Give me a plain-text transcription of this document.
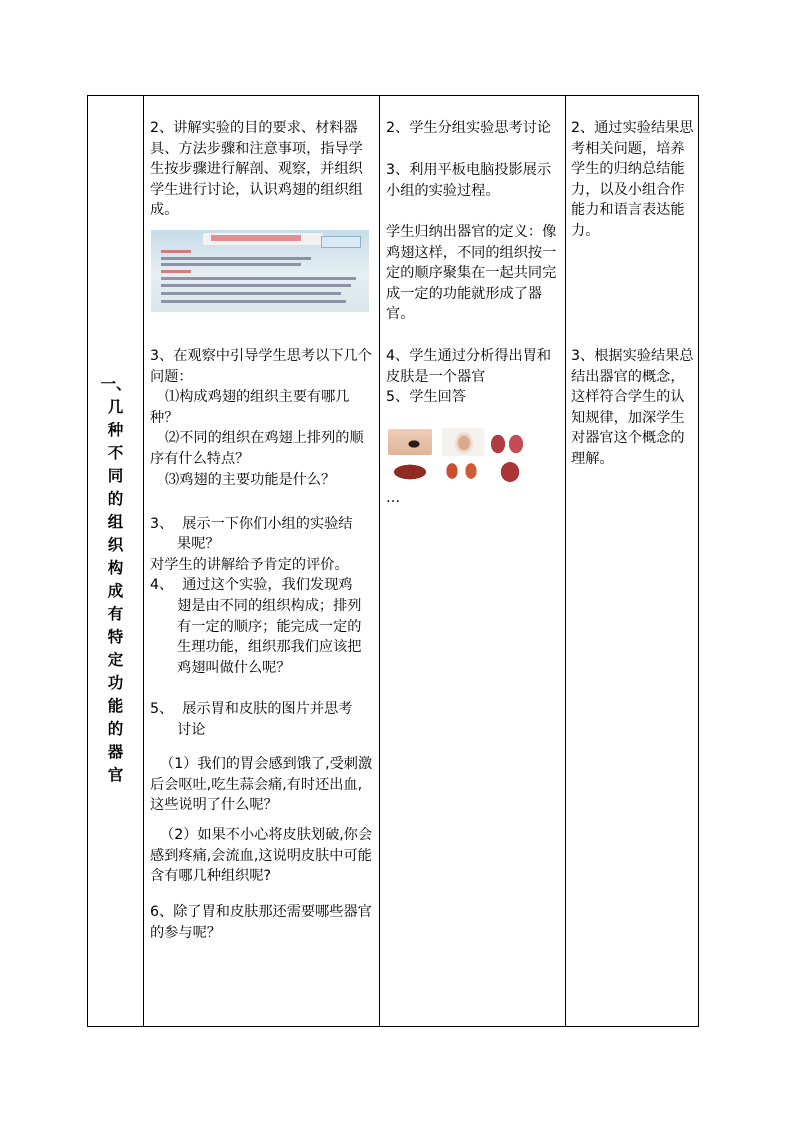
一、几种不同的组织构成有特定功能的器官
2、讲解实验的目的要求、材料器具、方法步骤和注意事项，指导学生按步骤进行解剖、观察，并组织学生进行讨论，认识鸡翅的组织组成。
3、在观察中引导学生思考以下几个问题：
⑴构成鸡翅的组织主要有哪几种？
⑵不同的组织在鸡翅上排列的顺序有什么特点？
⑶鸡翅的主要功能是什么？
3、  展示一下你们小组的实验结
果呢？
对学生的讲解给予肯定的评价。
4、  通过这个实验，我们发现鸡
翅是由不同的组织构成；排列有一定的顺序；能完成一定的生理功能，组织那我们应该把鸡翅叫做什么呢？
5、  展示胃和皮肤的图片并思考
讨论
（1）我们的胃会感到饿了,受刺激后会呕吐,吃生蒜会痛,有时还出血,这些说明了什么呢？
（2）如果不小心将皮肤划破,你会感到疼痛,会流血,这说明皮肤中可能含有哪几种组织呢?
6、除了胃和皮肤那还需要哪些器官的参与呢？
2、学生分组实验思考讨论
3、利用平板电脑投影展示小组的实验过程。
学生归纳出器官的定义：像鸡翅这样，不同的组织按一定的顺序聚集在一起共同完成一定的功能就形成了器官。
4、学生通过分析得出胃和皮肤是一个器官
5、学生回答
…
2、通过实验结果思考相关问题，培养学生的归纳总结能力，以及小组合作能力和语言表达能力。
3、根据实验结果总结出器官的概念，这样符合学生的认知规律，加深学生对器官这个概念的理解。
